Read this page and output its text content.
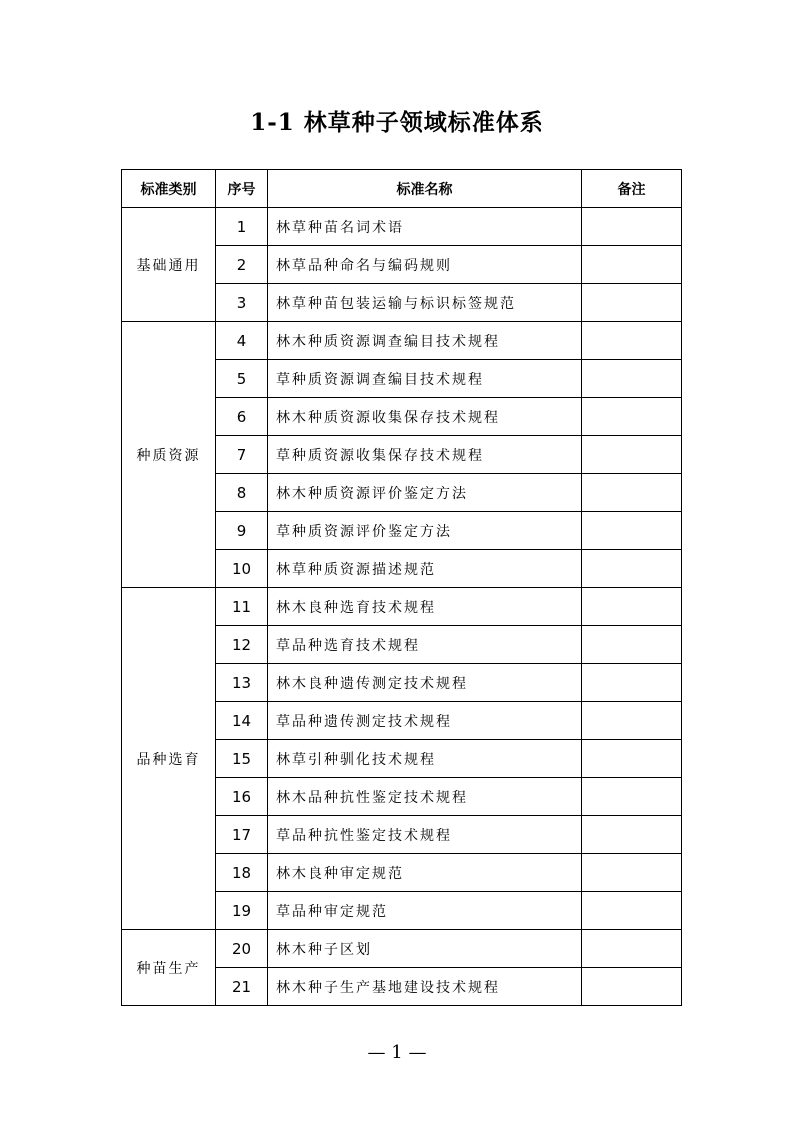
1-1 林草种子领域标准体系
标准类别	序号	标准名称	备注
基础通用	1	林草种苗名词术语	
	2	林草品种命名与编码规则	
	3	林草种苗包装运输与标识标签规范	
种质资源	4	林木种质资源调查编目技术规程	
	5	草种质资源调查编目技术规程	
	6	林木种质资源收集保存技术规程	
	7	草种质资源收集保存技术规程	
	8	林木种质资源评价鉴定方法	
	9	草种质资源评价鉴定方法	
	10	林草种质资源描述规范	
品种选育	11	林木良种选育技术规程	
	12	草品种选育技术规程	
	13	林木良种遗传测定技术规程	
	14	草品种遗传测定技术规程	
	15	林草引种驯化技术规程	
	16	林木品种抗性鉴定技术规程	
	17	草品种抗性鉴定技术规程	
	18	林木良种审定规范	
	19	草品种审定规范	
种苗生产	20	林木种子区划	
	21	林木种子生产基地建设技术规程	
— 1 —
